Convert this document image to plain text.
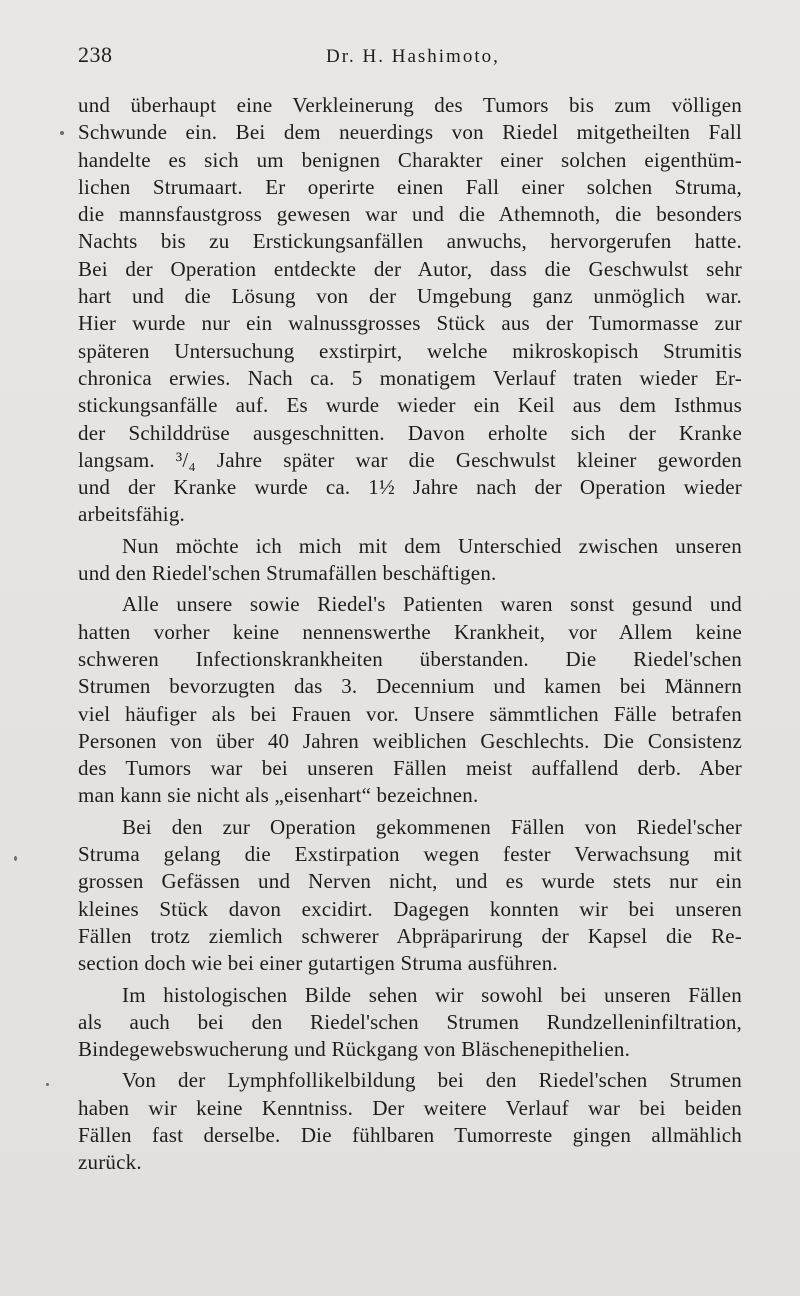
238	Dr. H. Hashimoto,
und überhaupt eine Verkleinerung des Tumors bis zum völligen
Schwunde ein. Bei dem neuerdings von Riedel mitgetheilten Fall
handelte es sich um benignen Charakter einer solchen eigenthüm-
lichen Strumaart. Er operirte einen Fall einer solchen Struma,
die mannsfaustgross gewesen war und die Athemnoth, die besonders
Nachts bis zu Erstickungsanfällen anwuchs, hervorgerufen hatte.
Bei der Operation entdeckte der Autor, dass die Geschwulst sehr
hart und die Lösung von der Umgebung ganz unmöglich war.
Hier wurde nur ein walnussgrosses Stück aus der Tumormasse zur
späteren Untersuchung exstirpirt, welche mikroskopisch Strumitis
chronica erwies. Nach ca. 5 monatigem Verlauf traten wieder Er-
stickungsanfälle auf. Es wurde wieder ein Keil aus dem Isthmus
der Schilddrüse ausgeschnitten. Davon erholte sich der Kranke
langsam. ³/₄ Jahre später war die Geschwulst kleiner geworden
und der Kranke wurde ca. 1½ Jahre nach der Operation wieder
arbeitsfähig.
Nun möchte ich mich mit dem Unterschied zwischen unseren
und den Riedel'schen Strumafällen beschäftigen.
Alle unsere sowie Riedel's Patienten waren sonst gesund und
hatten vorher keine nennenswerthe Krankheit, vor Allem keine
schweren Infectionskrankheiten überstanden. Die Riedel'schen
Strumen bevorzugten das 3. Decennium und kamen bei Männern
viel häufiger als bei Frauen vor. Unsere sämmtlichen Fälle betrafen
Personen von über 40 Jahren weiblichen Geschlechts. Die Consistenz
des Tumors war bei unseren Fällen meist auffallend derb. Aber
man kann sie nicht als „eisenhart“ bezeichnen.
Bei den zur Operation gekommenen Fällen von Riedel'scher
Struma gelang die Exstirpation wegen fester Verwachsung mit
grossen Gefässen und Nerven nicht, und es wurde stets nur ein
kleines Stück davon excidirt. Dagegen konnten wir bei unseren
Fällen trotz ziemlich schwerer Abpräparirung der Kapsel die Re-
section doch wie bei einer gutartigen Struma ausführen.
Im histologischen Bilde sehen wir sowohl bei unseren Fällen
als auch bei den Riedel'schen Strumen Rundzelleninfiltration,
Bindegewebswucherung und Rückgang von Bläschenepithelien.
Von der Lymphfollikelbildung bei den Riedel'schen Strumen
haben wir keine Kenntniss. Der weitere Verlauf war bei beiden
Fällen fast derselbe. Die fühlbaren Tumorreste gingen allmählich
zurück.
